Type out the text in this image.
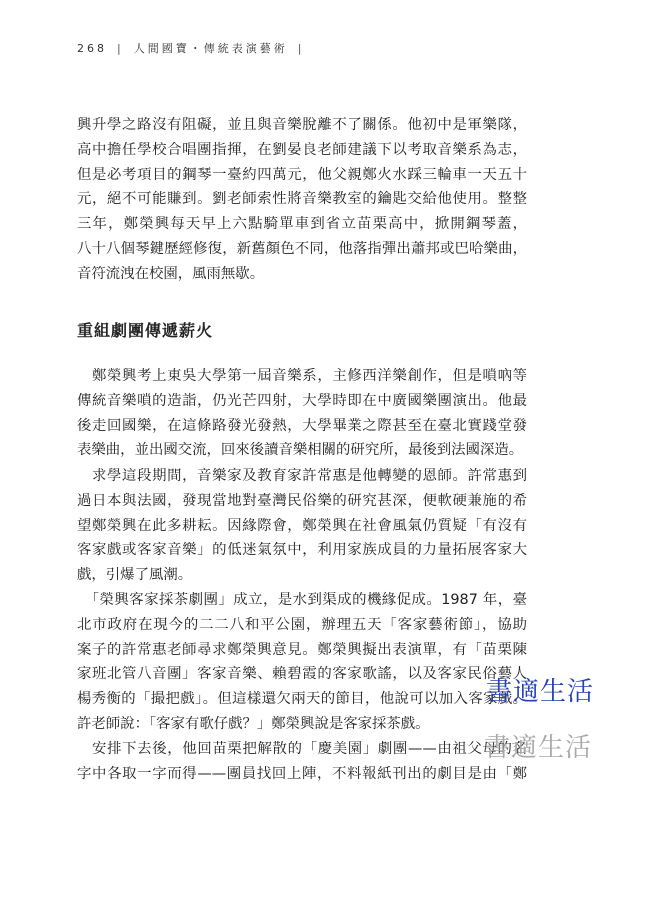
268 | 人間國寶・傳統表演藝術 |

興升學之路沒有阻礙，並且與音樂脫離不了關係。他初中是軍樂隊，
高中擔任學校合唱團指揮，在劉晏良老師建議下以考取音樂系為志，
但是必考項目的鋼琴一臺約四萬元，他父親鄭火水踩三輪車一天五十
元，絕不可能賺到。劉老師索性將音樂教室的鑰匙交給他使用。整整
三年，鄭榮興每天早上六點騎單車到省立苗栗高中，掀開鋼琴蓋，
八十八個琴鍵歷經修復，新舊顏色不同，他落指彈出蕭邦或巴哈樂曲，
音符流洩在校園，風雨無歇。

重組劇團傳遞薪火

　鄭榮興考上東吳大學第一屆音樂系，主修西洋樂創作，但是嗩吶等
傳統音樂嗩的造詣，仍光芒四射，大學時即在中廣國樂團演出。他最
後走回國樂，在這條路發光發熱，大學畢業之際甚至在臺北實踐堂發
表樂曲，並出國交流，回來後讀音樂相關的研究所，最後到法國深造。

　求學這段期間，音樂家及教育家許常惠是他轉變的恩師。許常惠到
過日本與法國，發現當地對臺灣民俗樂的研究甚深，便軟硬兼施的希
望鄭榮興在此多耕耘。因緣際會，鄭榮興在社會風氣仍質疑「有沒有
客家戲或客家音樂」的低迷氣氛中，利用家族成員的力量拓展客家大
戲，引爆了風潮。

　「榮興客家採茶劇團」成立，是水到渠成的機緣促成。1987 年，臺
北市政府在現今的二二八和平公園，辦理五天「客家藝術節」，協助
案子的許常惠老師尋求鄭榮興意見。鄭榮興擬出表演單，有「苗栗陳
家班北管八音團」客家音樂、賴碧霞的客家歌謠，以及客家民俗藝人
楊秀衡的「撮把戲」。但這樣還欠兩天的節目，他說可以加入客家戲。
許老師說：「客家有歌仔戲？」鄭榮興說是客家採茶戲。

　安排下去後，他回苗栗把解散的「慶美園」劇團——由祖父母的名
字中各取一字而得——團員找回上陣，不料報紙刊出的劇目是由「鄭

書適生活
書適生活
